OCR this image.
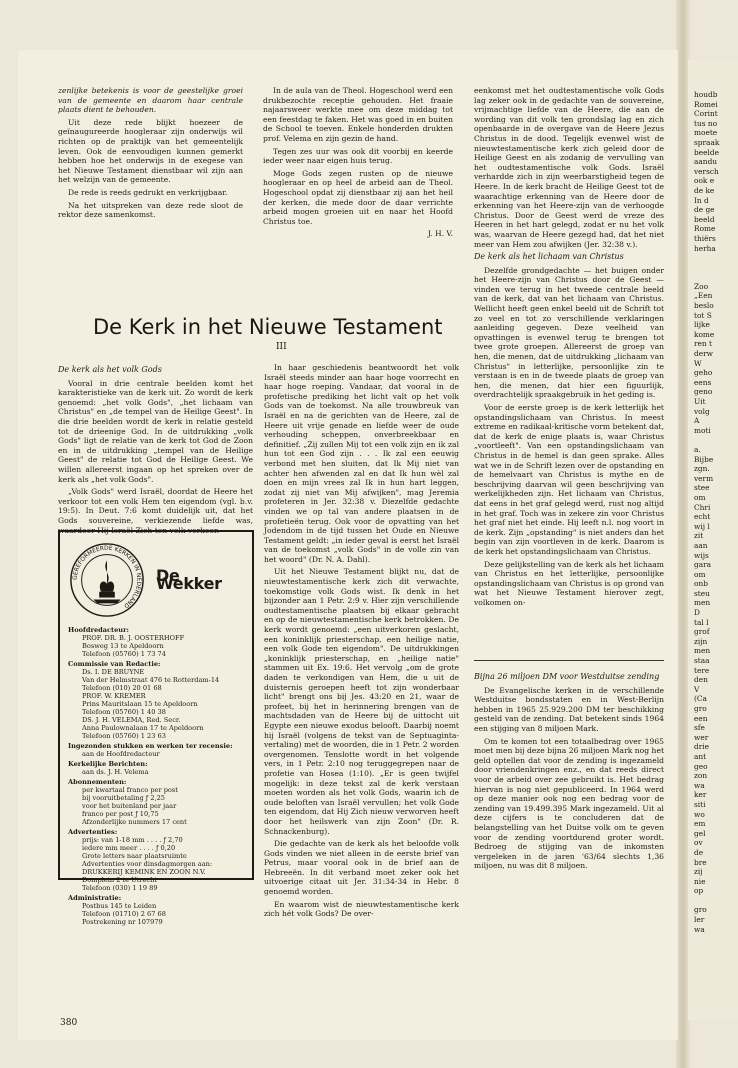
zenlijke betekenis is voor de geestelijke groei van de gemeente en daarom haar centrale plaats dient te behouden.

Uit deze rede blijkt hoezeer de geïnaugureerde hoogleraar zijn onderwijs wil richten op de praktijk van het gemeentelijk leven. Ook de eenvoudigen kunnen gemerkt hebben hoe het onderwijs in de exegese van het Nieuwe Testament dienstbaar wil zijn aan het welzijn van de gemeente.

De rede is reeds gedrukt en verkrijgbaar.

Na het uitspreken van deze rede sloot de rektor deze samenkomst.

In de aula van de Theol. Hogeschool werd een drukbezochte receptie gehouden. Het fraaie najaarsweer werkte mee om deze middag tot een feestdag te faken. Het was goed in en buiten de School te toeven. Enkele honderden drukten prof. Velema en zijn gezin de hand.

Tegen zes uur was ook dit voorbij en keerde ieder weer naar eigen huis terug.

Moge Gods zegen rusten op de nieuwe hoogleraar en op heel de arbeid aan de Theol. Hogeschool opdat zij dienstbaar zij aan het heil der kerken, die mede door de daar verrichte arbeid mogen groeien uit en naar het Hoofd Christus toe.

J. H. V.

De Kerk in het Nieuwe Testament
III
De kerk als het volk Gods

Vooral in drie centrale beelden komt het karakteristieke van de kerk uit. Zo wordt de kerk genoemd: „het volk Gods", „het lichaam van Christus" en „de tempel van de Heilige Geest". In die drie beelden wordt de kerk in relatie gesteld tot de drieenige God. In de uitdrukking „volk Gods" ligt de relatie van de kerk tot God de Zoon en in de uitdrukking „tempel van de Heilige Geest" de relatie tot God de Heilige Geest. We willen allereerst ingaan op het spreken over de kerk als „het volk Gods".

„Volk Gods" werd Israël, doordat de Heere het verkoor tot een volk Hem ten eigendom (vgl. b.v. 19:5). In Deut. 7:6 komt duidelijk uit, dat het Gods souvereine, verkiezende liefde was, waardoor Hij Israël Zich ten volk verkoor.

GEREFORMEERDE KERKEN IN NEDERLAND
De Wekker
Hoofdredacteur:
PROF. DR. B. J. OOSTERHOFF
Bosweg 13 te Apeldoorn
Telefoon (05760) 1 73 74
Commissie van Redactie:
Ds. I. DE BRUYNE
Van der Helmstraat 476 te Rotterdam-14
Telefoon (010) 20 01 68
PROF. W. KREMER
Prins Mauritslaan 15 te Apeldoorn
Telefoon (05760) 1 40 38
DS. J. H. VELEMA, Red. Secr.
Anna Paulownalaan 17 te Apeldoorn
Telefoon (05760) 1 23 63
Ingezonden stukken en werken ter recensie:
aan de Hoofdredacteur
Kerkelijke Berichten:
aan ds. J. H. Velema
Abonnementen:
per kwartaal franco per post
bij vooruitbetaling ƒ 2,25
voor het buitenland per jaar
franco per post ƒ 10,75
Afzonderlijke nummers 17 cent
Advertenties:
prijs: van 1-18 mm . . . . ƒ 2,70
iedere mm meer . . . . ƒ 0,20
Grote letters naar plaatsruimte
Advertenties voor dinsdagmorgen aan: DRUKKERIJ KEMINK EN ZOON N.V.
Domplein 2 te Utrecht
Telefoon (030) 1 19 89
Administratie:
Postbus 145 te Leiden
Telefoon (01710) 2 67 68
Postrekening nr 107979

In haar geschiedenis beantwoordt het volk Israël steeds minder aan haar hoge voorrecht en haar hoge roeping. Vandaar, dat vooral in de profetische prediking het licht valt op het volk Gods van de toekomst. Na alle trouwbreuk van Israël en na de gerichten van de Heere, zal de Heere uit vrije genade en liefde weer de oude verhouding scheppen, onverbreekbaar en definitief. „Zij zullen Mij tot een volk zijn en ik zal hun tot een God zijn . . . Ik zal een eeuwig verbond met hen sluiten, dat Ik Mij niet van achter hen afwenden zal en dat Ik hun wèl zal doen en mijn vrees zal Ik in hun hart leggen, zodat zij niet van Mij afwijken", mag Jeremia profeteren in Jer. 32:38 v. Diezelfde gedachte vinden we op tal van andere plaatsen in de profetieën terug. Ook voor de opvatting van het Jodendom in de tijd tussen het Oude en Nieuwe Testament geldt: „in ieder geval is eerst het Israël van de toekomst „volk Gods" in de volle zin van het woord" (Dr. N. A. Dahl).

Uit het Nieuwe Testament blijkt nu, dat de nieuwtestamentische kerk zich dit verwachte, toekomstige volk Gods wist. Ik denk in het bijzonder aan 1 Petr. 2:9 v. Hier zijn verschillende oudtestamentische plaatsen bij elkaar gebracht en op de nieuwtestamentische kerk betrokken. De kerk wordt genoemd: „een uitverkoren geslacht, een koninklijk priesterschap, een heilige natie, een volk Gode ten eigendom". De uitdrukkingen „koninklijk priesterschap, en „heilige natie" stammen uit Ex. 19:6. Het vervolg „om de grote daden te verkondigen van Hem, die u uit de duisternis geroepen heeft tot zijn wonderbaar licht" brengt ons bij Jes. 43:20 en 21, waar de profeet, bij het in herinnering brengen van de machtsdaden van de Heere bij de uittocht uit Egypte een nieuwe exodus belooft. Daarbij noemt hij Israël (volgens de tekst van de Septuaginta-vertaling) met de woorden, die in 1 Petr. 2 worden overgenomen. Tenslotte wordt in het volgende vers, in 1 Petr. 2:10 nog teruggegrepen naar de profetie van Hosea (1:10). „Er is geen twijfel mogelijk: in deze tekst zal de kerk verstaan moeten worden als het volk Gods, waarin ich de oude beloften van Israël vervullen; het volk Gode ten eigendom, dat Hij Zich nieuw verworven heeft door het heilswerk van zijn Zoon" (Dr. R. Schnackenburg).

Die gedachte van de kerk als het beloofde volk Gods vinden we niet alleen in de eerste brief van Petrus, maar vooral ook in de brief aan de Hebreeën. In dit verband moet zeker ook het uitvoerige citaat uit Jer. 31:34-34 in Hebr. 8 genoemd worden.

En waarom wist de nieuwtestamentische kerk zich hét volk Gods? De over-

eenkomst met het oudtestamentische volk Gods lag zeker ook in de gedachte van de souvereine, vrijmachtige liefde van de Heere, die aan de wording van dit volk ten grondslag lag en zich openbaarde in de overgave van de Heere Jezus Christus in de dood. Tegelijk evenwel wist de nieuwtestamentische kerk zich geleid door de Heilige Geest en als zodanig de vervulling van het oudtestamentische volk Gods. Israël verhardde zich in zijn weerbarstigheid tegen de Heere. In de kerk bracht de Heilige Geest tot de waarachtige erkenning van de Heere door de erkenning van het Heere-zijn van de verhoogde Christus. Door de Geest werd de vreze des Heeren in het hart gelegd, zodat er nu het volk was, waarvan de Heere gezegd had, dat het niet meer van Hem zou afwijken (Jer. 32:38 v.).

De kerk als het lichaam van Christus

Dezelfde grondgedachte — het buigen onder het Heere-zijn van Christus door de Geest — vinden we terug in het tweede centrale beeld van de kerk, dat van het lichaam van Christus. Wellicht heeft geen enkel beeld uit de Schrift tot zo veel en tot zo verschillende verklaringen aanleiding gegeven. Deze veelheid van opvattingen is evenwel terug te brengen tot twee grote groepen. Allereerst de groep van hen, die menen, dat de uitdrukking „lichaam van Christus" in letterlijke, persoonlijke zin te verstaan is en in de tweede plaats de groep van hen, die menen, dat hier een figuurlijk, overdrachtelijk spraakgebruik in het geding is.

Voor de eerste groep is de kerk letterlijk het opstandingslichaam van Christus. In meest extreme en radikaal-kritische vorm betekent dat, dat de kerk de enige plaats is, waar Christus „voortleeft". Van een opstandingslichaam van Christus in de hemel is dan geen sprake. Alles wat we in de Schrift lezen over de opstanding en de hemelvaart van Christus is mythe en de beschrijving daarvan wil geen beschrijving van werkelijkheden zijn. Het lichaam van Christus, dat eens in het graf gelegd werd, rust nog altijd in het graf. Toch was in zekere zin voor Christus het graf niet het einde. Hij leeft n.l. nog voort in de kerk. Zijn „opstanding" is niet anders dan het begin van zijn voortleven in de kerk. Daarom is de kerk het opstandingslichaam van Christus.

Deze gelijkstelling van de kerk als het lichaam van Christus en het letterlijke, persoonlijke opstandingslichaam van Christus is op grond van wat het Nieuwe Testament hierover zegt, volkomen on-

Bijna 26 miljoen DM voor Westduitse zending

De Evangelische kerken in de verschillende Westduitse bondsstaten en in West-Berlijn hebben in 1965 25.929.200 DM ter beschikking gesteld van de zending. Dat betekent sinds 1964 een stijging van 8 miljoen Mark.

Om te komen tot een totaalbedrag over 1965 moet men bij deze bijna 26 miljoen Mark nog het geld optellen dat voor de zending is ingezameld door vriendenkringen enz., en dat reeds direct voor de arbeid over zee gebruikt is. Het bedrag hiervan is nog niet gepubliceerd. In 1964 werd op deze manier ook nog een bedrag voor de zending van 19.499.395 Mark ingezameld. Uit al deze cijfers is te concluderen dat de belangstelling van het Duitse volk om te geven voor de zending voortdurend groter wordt. Bedroeg de stijging van de inkomsten vergeleken in de jaren '63/64 slechts 1,36 miljoen, nu was dit 8 miljoen.

380
houdb
Romei
Corint
tus no
moete
spraak
beelde
aandu
versch
ook e
de ke
In d
de ge
beeld
Rome
thiërs
herha

Zoo
„Een
beslo
tot S
lijke
kome
ren t
derw
W
geho
eens
geno
Uit
volg
A
moti

a.
Bijbe
zgn.
verm
stee
om
Chri
echt
wij l
zit
aan
wijs
gara
om
onb
steu
men
D
tal l
grof
zijn
men
staa
tere
den
V
(Ca
gro
een
sfe
wer
drie
ant
geo
zon
wa
ker
siti
wo
em
gel
ov
de
bre
zij
nie
op

gro
ler
wa
